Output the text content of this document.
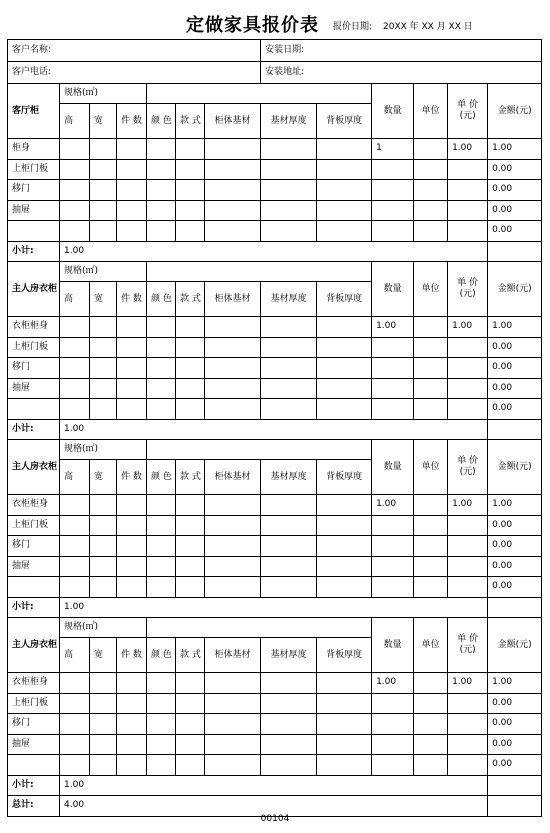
定做家具报价表 报价日期: 20XX 年 XX 月 XX 日
客户名称:							安装日期:					
客户电话:							安装地址:					
客厅柜	规格(㎡)								数量	单位	单 价 (元)	金额(元)
	高	宽	件 数	颜 色	款 式	柜体基材	基材厚度	背板厚度				
柜身									1		1.00	1.00
上柜门板												0.00
移门												0.00
抽屉												0.00
												0.00
小计:	1.00											
主人房衣柜	规格(㎡)								数量	单位	单 价 (元)	金额(元)
	高	宽	件 数	颜 色	款 式	柜体基材	基材厚度	背板厚度				
衣柜柜身									1.00		1.00	1.00
上柜门板												0.00
移门												0.00
抽屉												0.00
												0.00
小计:	1.00											
主人房衣柜	规格(㎡)								数量	单位	单 价 (元)	金额(元)
	高	宽	件 数	颜 色	款 式	柜体基材	基材厚度	背板厚度				
衣柜柜身									1.00		1.00	1.00
上柜门板												0.00
移门												0.00
抽屉												0.00
												0.00
小计:	1.00											
主人房衣柜	规格(㎡)								数量	单位	单 价 (元)	金额(元)
	高	宽	件 数	颜 色	款 式	柜体基材	基材厚度	背板厚度				
衣柜柜身									1.00		1.00	1.00
上柜门板												0.00
移门												0.00
抽屉												0.00
												0.00
小计:	1.00											
总计:	4.00											
00104
